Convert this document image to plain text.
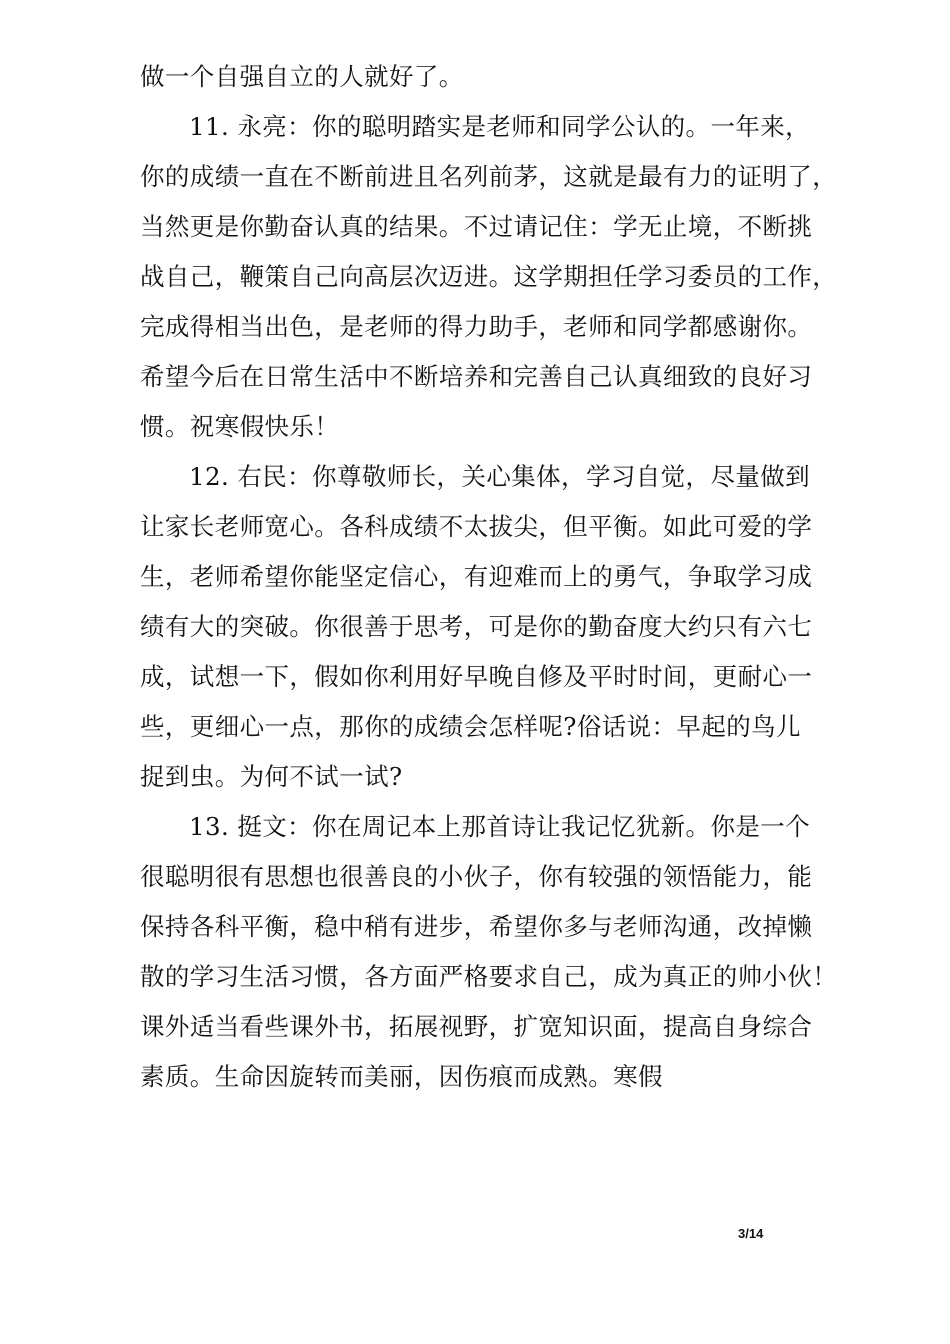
做一个自强自立的人就好了。
11. 永亮：你的聪明踏实是老师和同学公认的。一年来，
你的成绩一直在不断前进且名列前茅，这就是最有力的证明了，
当然更是你勤奋认真的结果。不过请记住：学无止境，不断挑
战自己，鞭策自己向高层次迈进。这学期担任学习委员的工作，
完成得相当出色，是老师的得力助手，老师和同学都感谢你。
希望今后在日常生活中不断培养和完善自己认真细致的良好习
惯。祝寒假快乐！
12. 右民：你尊敬师长，关心集体，学习自觉，尽量做到
让家长老师宽心。各科成绩不太拔尖，但平衡。如此可爱的学
生，老师希望你能坚定信心，有迎难而上的勇气，争取学习成
绩有大的突破。你很善于思考，可是你的勤奋度大约只有六七
成，试想一下，假如你利用好早晚自修及平时时间，更耐心一
些，更细心一点，那你的成绩会怎样呢?俗话说：早起的鸟儿
捉到虫。为何不试一试?
13. 挺文：你在周记本上那首诗让我记忆犹新。你是一个
很聪明很有思想也很善良的小伙子，你有较强的领悟能力，能
保持各科平衡，稳中稍有进步，希望你多与老师沟通，改掉懒
散的学习生活习惯，各方面严格要求自己，成为真正的帅小伙！
课外适当看些课外书，拓展视野，扩宽知识面，提高自身综合
素质。生命因旋转而美丽，因伤痕而成熟。寒假
3/14
